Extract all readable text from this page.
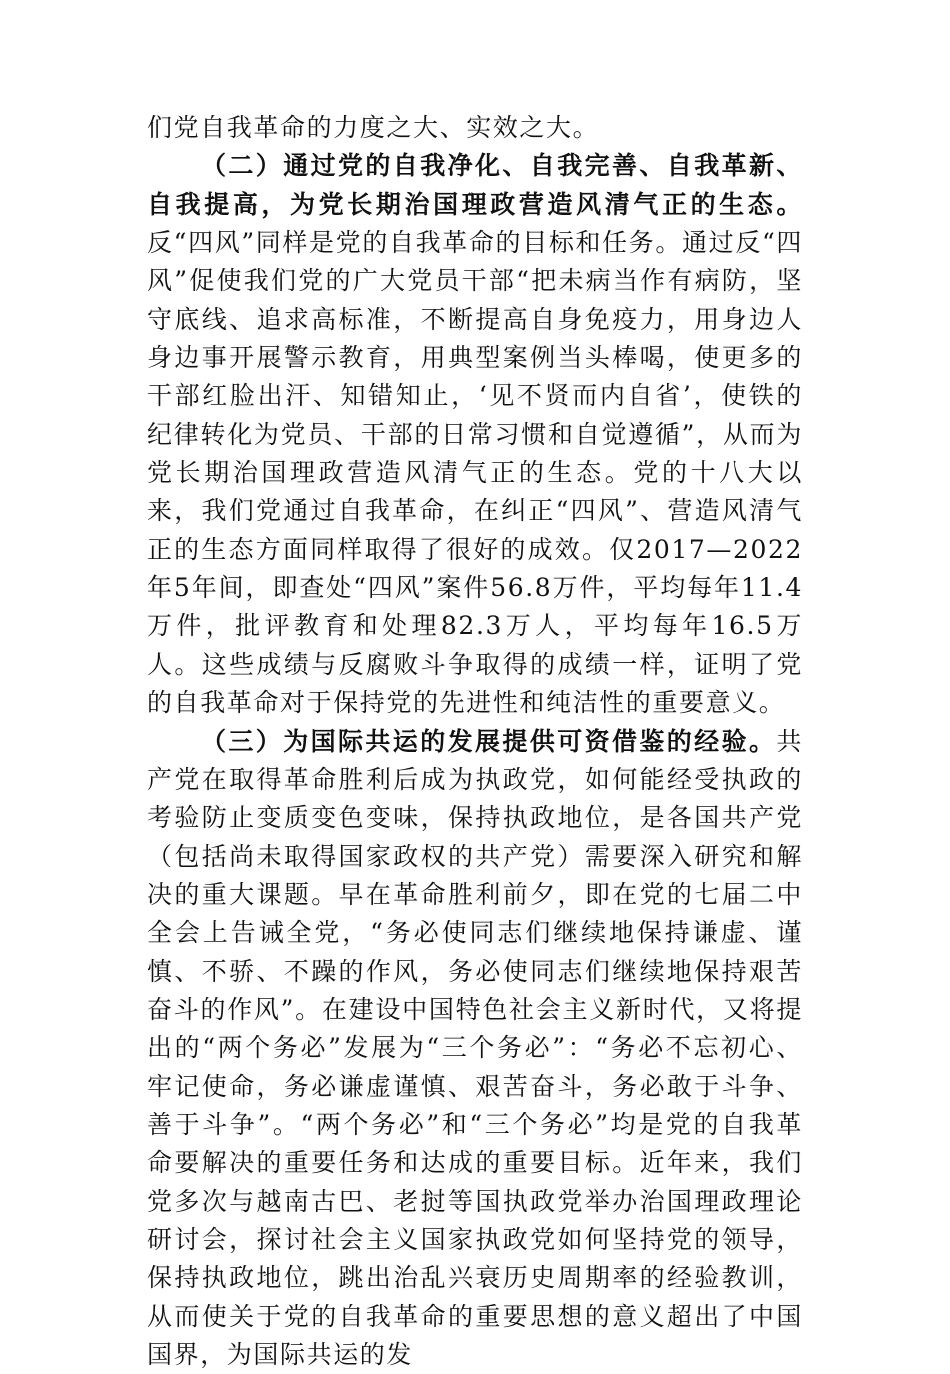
们党自我革命的力度之大、实效之大。

（二）通过党的自我净化、自我完善、自我革新、自我提高，为党长期治国理政营造风清气正的生态。反“四风”同样是党的自我革命的目标和任务。通过反“四风”促使我们党的广大党员干部“把未病当作有病防，坚守底线、追求高标准，不断提高自身免疫力，用身边人身边事开展警示教育，用典型案例当头棒喝，使更多的干部红脸出汗、知错知止，‘见不贤而内自省’，使铁的纪律转化为党员、干部的日常习惯和自觉遵循”，从而为党长期治国理政营造风清气正的生态。党的十八大以来，我们党通过自我革命，在纠正“四风”、营造风清气正的生态方面同样取得了很好的成效。仅2017—2022年5年间，即查处“四风”案件56.8万件，平均每年11.4万件，批评教育和处理82.3万人，平均每年16.5万人。这些成绩与反腐败斗争取得的成绩一样，证明了党的自我革命对于保持党的先进性和纯洁性的重要意义。

（三）为国际共运的发展提供可资借鉴的经验。共产党在取得革命胜利后成为执政党，如何能经受执政的考验防止变质变色变味，保持执政地位，是各国共产党（包括尚未取得国家政权的共产党）需要深入研究和解决的重大课题。早在革命胜利前夕，即在党的七届二中全会上告诫全党，“务必使同志们继续地保持谦虚、谨慎、不骄、不躁的作风，务必使同志们继续地保持艰苦奋斗的作风”。在建设中国特色社会主义新时代，又将提出的“两个务必”发展为“三个务必”：“务必不忘初心、牢记使命，务必谦虚谨慎、艰苦奋斗，务必敢于斗争、善于斗争”。“两个务必”和“三个务必”均是党的自我革命要解决的重要任务和达成的重要目标。近年来，我们党多次与越南古巴、老挝等国执政党举办治国理政理论研讨会，探讨社会主义国家执政党如何坚持党的领导，保持执政地位，跳出治乱兴衰历史周期率的经验教训，从而使关于党的自我革命的重要思想的意义超出了中国国界，为国际共运的发
